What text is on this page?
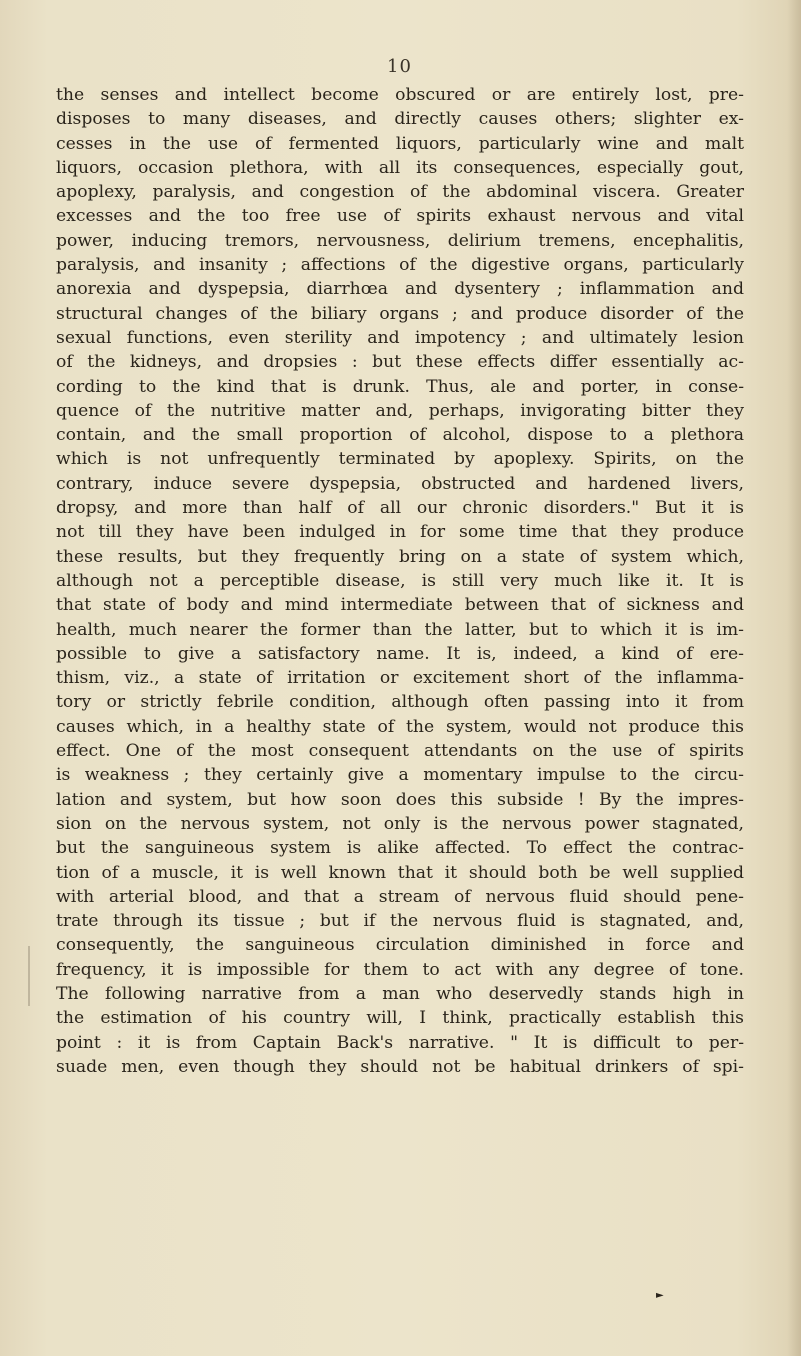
10
the senses and intellect become obscured or are entirely lost, pre-
disposes to many diseases, and directly causes others; slighter ex-
cesses in the use of fermented liquors, particularly wine and malt
liquors, occasion plethora, with all its consequences, especially gout,
apoplexy, paralysis, and congestion of the abdominal viscera. Greater
excesses and the too free use of spirits exhaust nervous and vital
power, inducing tremors, nervousness, delirium tremens, encephalitis,
paralysis, and insanity ; affections of the digestive organs, particularly
anorexia and dyspepsia, diarrhœa and dysentery ; inflammation and
structural changes of the biliary organs ; and produce disorder of the
sexual functions, even sterility and impotency ; and ultimately lesion
of the kidneys, and dropsies : but these effects differ essentially ac-
cording to the kind that is drunk. Thus, ale and porter, in conse-
quence of the nutritive matter and, perhaps, invigorating bitter they
contain, and the small proportion of alcohol, dispose to a plethora
which is not unfrequently terminated by apoplexy. Spirits, on the
contrary, induce severe dyspepsia, obstructed and hardened livers,
dropsy, and more than half of all our chronic disorders." But it is
not till they have been indulged in for some time that they produce
these results, but they frequently bring on a state of system which,
although not a perceptible disease, is still very much like it. It is
that state of body and mind intermediate between that of sickness and
health, much nearer the former than the latter, but to which it is im-
possible to give a satisfactory name. It is, indeed, a kind of ere-
thism, viz., a state of irritation or excitement short of the inflamma-
tory or strictly febrile condition, although often passing into it from
causes which, in a healthy state of the system, would not produce this
effect. One of the most consequent attendants on the use of spirits
is weakness ; they certainly give a momentary impulse to the circu-
lation and system, but how soon does this subside ! By the impres-
sion on the nervous system, not only is the nervous power stagnated,
but the sanguineous system is alike affected. To effect the contrac-
tion of a muscle, it is well known that it should both be well supplied
with arterial blood, and that a stream of nervous fluid should pene-
trate through its tissue ; but if the nervous fluid is stagnated, and,
consequently, the sanguineous circulation diminished in force and
frequency, it is impossible for them to act with any degree of tone.
The following narrative from a man who deservedly stands high in
the estimation of his country will, I think, practically establish this
point : it is from Captain Back's narrative. " It is difficult to per-
suade men, even though they should not be habitual drinkers of spi-
►
